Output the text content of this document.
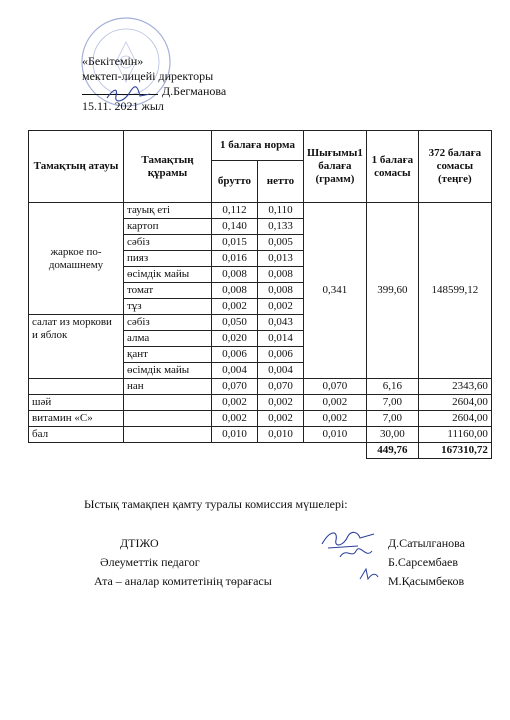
«Бекітемін»
мектеп-лицейі директоры
Д.Бегманова
15.11. 2021 жыл
Тамақтың атауы	Тамақтың құрамы	1 балаға норма		Шығымы1 балаға (грамм)	1 балаға сомасы	372 балаға сомасы (теңге)
		брутто	нетто			
жаркое по-домашнему	тауық еті	0,112	0,110	0,341	399,60	148599,12
	картоп	0,140	0,133			
	сәбіз	0,015	0,005			
	пияз	0,016	0,013			
	өсімдік майы	0,008	0,008			
	томат	0,008	0,008			
	тұз	0,002	0,002			
салат из моркови и яблок	сәбіз	0,050	0,043			
	алма	0,020	0,014			
	қант	0,006	0,006			
	өсімдік майы	0,004	0,004			
	нан	0,070	0,070	0,070	6,16	2343,60
шәй		0,002	0,002	0,002	7,00	2604,00
витамин «С»		0,002	0,002	0,002	7,00	2604,00
бал		0,010	0,010	0,010	30,00	11160,00
					449,76	167310,72
Ыстық тамақпен қамту туралы комиссия мүшелері:
ДТІЖО
Әлеуметтік педагог
Ата – аналар комитетінің төрағасы
Д.Сатылганова
Б.Сарсембаев
М.Қасымбеков
